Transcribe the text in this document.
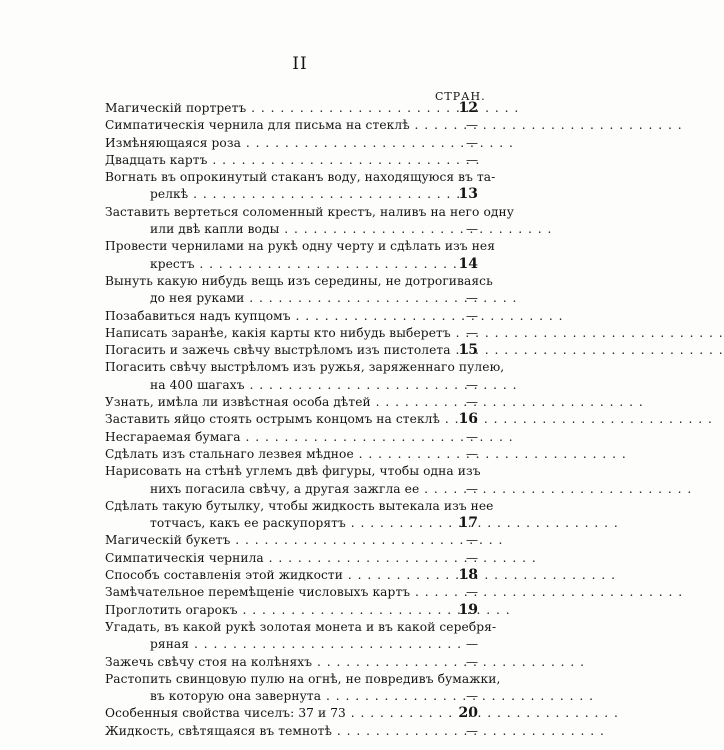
II
СТРАН.
Магическій портретъ . .	12
Симпатическія чернила для письма на стеклѣ . .	—
Измѣняющаяся роза . .	—
Двадцать картъ . .	—
Вогнать въ опрокинутый стаканъ воду, находящуюся въ та-
релкѣ . .	13
Заставить вертеться соломенный крестъ, наливъ на него одну
или двѣ капли воды . .	—
Провести чернилами на рукѣ одну черту и сдѣлать изъ нея
крестъ . .	14
Вынуть какую нибудь вещь изъ середины, не дотрогиваясь
до нея руками . .	—
Позабавиться надъ купцомъ . .	—
Написать заранѣе, какія карты кто нибудь выберетъ . .	—
Погасить и зажечь свѣчу выстрѣломъ изъ пистолета . . 15
Погасить свѣчу выстрѣломъ изъ ружья, заряженнаго пулею,
на 400 шагахъ . .	—
Узнать, имѣла ли извѣстная особа дѣтей . .	—
Заставить яйцо стоять острымъ концомъ на стеклѣ . .	16
Несгараемая бумага . .	—
Сдѣлать изъ стальнаго лезвея мѣдное . .	—
Нарисовать на стѣнѣ углемъ двѣ фигуры, чтобы одна изъ
нихъ погасила свѣчу, а другая зажгла ее . .	—
Сдѣлать такую бутылку, чтобы жидкость вытекала изъ нее
тотчасъ, какъ ее раскупорятъ . .	17
Магическій букетъ . .	—
Симпатическія чернила . .	—
Способъ составленія этой жидкости . .	18
Замѣчательное перемѣщеніе числовыхъ картъ . .	—
Проглотить огарокъ . .	19
Угадать, въ какой рукѣ золотая монета и въ какой серебря-
ряная . .	—
Зажечь свѣчу стоя на колѣняхъ . .	—
Растопить свинцовую пулю на огнѣ, не повредивъ бумажки,
въ которую она завернута . .	—
Особенныя свойства чиселъ: 37 и 73 . .	20
Жидкость, свѣтящаяся въ темнотѣ . .	—
